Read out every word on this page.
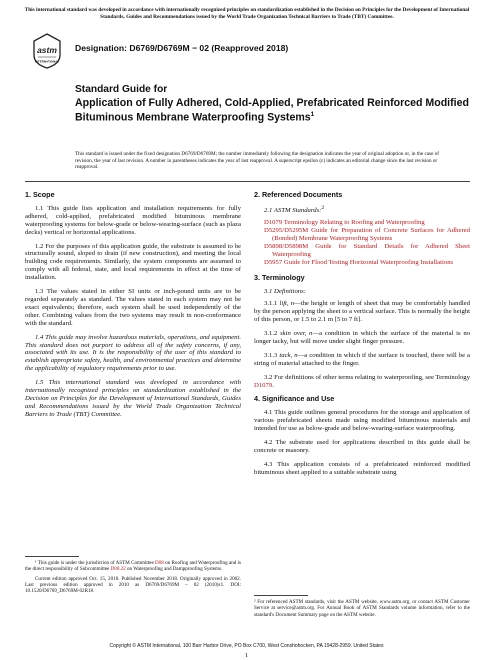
This international standard was developed in accordance with internationally recognized principles on standardization established in the Decision on Principles for the Development of International Standards, Guides and Recommendations issued by the World Trade Organization Technical Barriers to Trade (TBT) Committee.
astm
INTERNATIONAL
Designation: D6769/D6769M − 02 (Reapproved 2018)
Standard Guide for
Application of Fully Adhered, Cold-Applied, Prefabricated Reinforced Modified Bituminous Membrane Waterproofing Systems$^1$
This standard is issued under the fixed designation D6769/D6769M; the number immediately following the designation indicates the year of original adoption or, in the case of revision, the year of last revision. A number in parentheses indicates the year of last reapproval. A superscript epsilon (ε) indicates an editorial change since the last revision or reapproval.
1. Scope

1.1 This guide lists application and installation requirements for fully adhered, cold-applied, prefabricated modified bituminous membrane waterproofing systems for below-grade or below-wearing-surface (such as plaza decks) vertical or horizontal applications.

1.2 For the purposes of this application guide, the substrate is assumed to be structurally sound, sloped to drain (if new construction), and meeting the local building code requirements. Similarly, the system components are assumed to comply with all federal, state, and local requirements in effect at the time of installation.

1.3 The values stated in either SI units or inch-pound units are to be regarded separately as standard. The values stated in each system may not be exact equivalents; therefore, each system shall be used independently of the other. Combining values from the two systems may result in non-conformance with the standard.

1.4 This guide may involve hazardous materials, operations, and equipment. This standard does not purport to address all of the safety concerns, if any, associated with its use. It is the responsibility of the user of this standard to establish appropriate safety, health, and environmental practices and determine the applicability of regulatory requirements prior to use.

1.5 This international standard was developed in accordance with internationally recognized principles on standardization established in the Decision on Principles for the Development of International Standards, Guides and Recommendations issued by the World Trade Organization Technical Barriers to Trade (TBT) Committee.

¹ This guide is under the jurisdiction of ASTM Committee D08 on Roofing and Waterproofing and is the direct responsibility of Subcommittee D08.22 on Waterproofing and Dampproofing Systems.

Current edition approved Oct. 15, 2018. Published November 2018. Originally approved in 2002. Last previous edition approved in 2010 as D6769/D6769M – 02 (2010)ε1. DOI: 10.1520/D6769_D6769M-02R18.

2. Referenced Documents

2.1 ASTM Standards:$^2$

D1079 Terminology Relating to Roofing and Waterproofing
D5295/D5295M Guide for Preparation of Concrete Surfaces for Adhered (Bonded) Membrane Waterproofing Systems
D5898/D5898M Guide for Standard Details for Adhered Sheet Waterproofing
D5957 Guide for Flood Testing Horizontal Waterproofing Installations
3. Terminology

3.1 Definitions:

3.1.1 lift, n—the height or length of sheet that may be comfortably handled by the person applying the sheet to a vertical surface. This is normally the height of this person, or 1.5 to 2.1 m [5 to 7 ft].

3.1.2 skin over, n—a condition in which the surface of the material is no longer tacky, but will move under slight finger pressure.

3.1.3 tack, n—a condition in which if the surface is touched, there will be a string of material attached to the finger.

3.2 For definitions of other terms relating to waterproofing, see Terminology D1079.

4. Significance and Use

4.1 This guide outlines general procedures for the storage and application of various prefabricated sheets made using modified bituminous materials and intended for use as below-grade and below-wearing-surface waterproofing.

4.2 The substrate used for applications described in this guide shall be concrete or masonry.

4.3 This application consists of a prefabricated reinforced modified bituminous sheet applied to a suitable substrate using

² For referenced ASTM standards, visit the ASTM website, www.astm.org, or contact ASTM Customer Service at service@astm.org. For Annual Book of ASTM Standards volume information, refer to the standard's Document Summary page on the ASTM website.
Copyright © ASTM International, 100 Barr Harbor Drive, PO Box C700, West Conshohocken, PA 19428-2959. United States
1
